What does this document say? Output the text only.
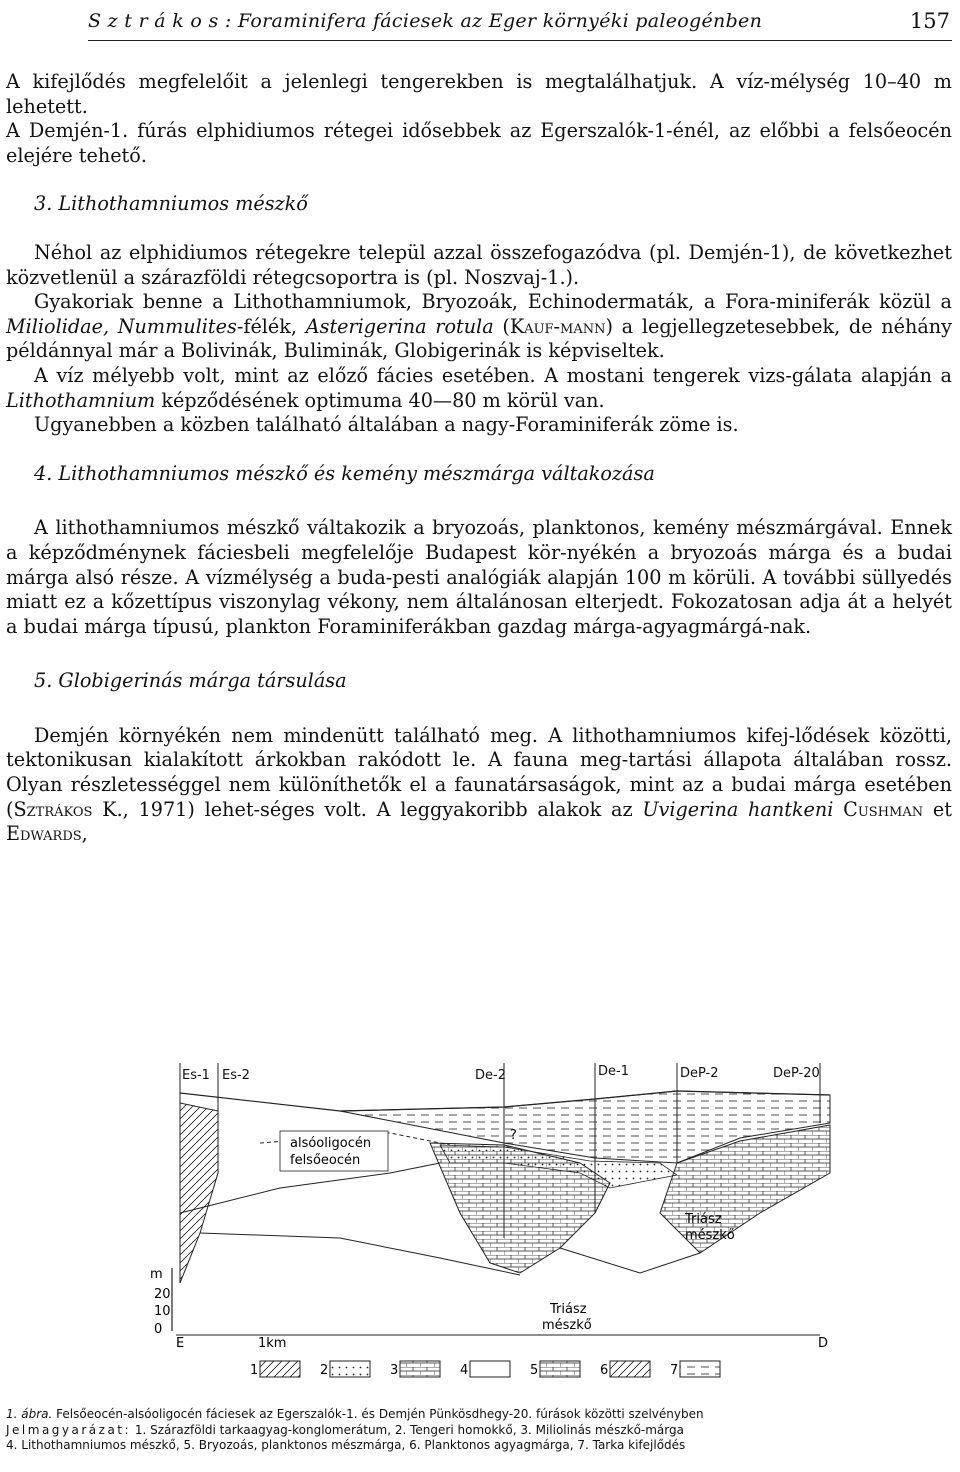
S z t r á k o s : Foraminifera fáciesek az Eger környéki paleogénben	157

A kifejlődés megfelelőit a jelenlegi tengerekben is megtalálhatjuk. A víz-mélység 10–40 m lehetett.

A Demjén-1. fúrás elphidiumos rétegei idősebbek az Egerszalók-1-énél, az előbbi a felsőeocén elejére tehető.

3. Lithothamniumos mészkő

Néhol az elphidiumos rétegekre települ azzal összefogazódva (pl. Demjén-1), de következhet közvetlenül a szárazföldi rétegcsoportra is (pl. Noszvaj-1.).

Gyakoriak benne a Lithothamniumok, Bryozoák, Echinodermaták, a Fora-miniferák közül a Miliolidae, Nummulites-félék, Asterigerina rotula (Kauf-mann) a legjellegzetesebbek, de néhány példánnyal már a Bolivinák, Buliminák, Globigerinák is képviseltek.

A víz mélyebb volt, mint az előző fácies esetében. A mostani tengerek vizs-gálata alapján a Lithothamnium képződésének optimuma 40—80 m körül van.

Ugyanebben a közben található általában a nagy-Foraminiferák zöme is.

4. Lithothamniumos mészkő és kemény mészmárga váltakozása

A lithothamniumos mészkő váltakozik a bryozoás, planktonos, kemény mészmárgával. Ennek a képződménynek fáciesbeli megfelelője Budapest kör-nyékén a bryozoás márga és a budai márga alsó része. A vízmélység a buda-pesti analógiák alapján 100 m körüli. A további süllyedés miatt ez a kőzettípus viszonylag vékony, nem általánosan elterjedt. Fokozatosan adja át a helyét a budai márga típusú, plankton Foraminiferákban gazdag márga-agyagmárgá-nak.

5. Globigerinás márga társulása

Demjén környékén nem mindenütt található meg. A lithothamniumos kifej-lődések közötti, tektonikusan kialakított árkokban rakódott le. A fauna meg-tartási állapota általában rossz. Olyan részletességgel nem különíthetők el a faunatársaságok, mint az a budai márga esetében (Sztrákos K., 1971) lehet-séges volt. A leggyakoribb alakok az Uvigerina hantkeni Cushman et Edwards,

Es-1 Es-2	De-2	De-1	DeP-2	DeP-20
alsóoligocén
felsőeocén
?
Triász
mészkő
Triász
mészkő
m
20
10
0
E	1km	D
1	2	3	4	5	6	7
1. ábra. Felsőeocén-alsóoligocén fáciesek az Egerszalók-1. és Demjén Pünkösdhegy-20. fúrások közötti szelvényben
Jelmagyarázat: 1. Szárazföldi tarkaagyag-konglomerátum, 2. Tengeri homokkő, 3. Miliolinás mészkő-márga
4. Lithothamniumos mészkő, 5. Bryozoás, planktonos mészmárga, 6. Planktonos agyagmárga, 7. Tarka kifejlődés
